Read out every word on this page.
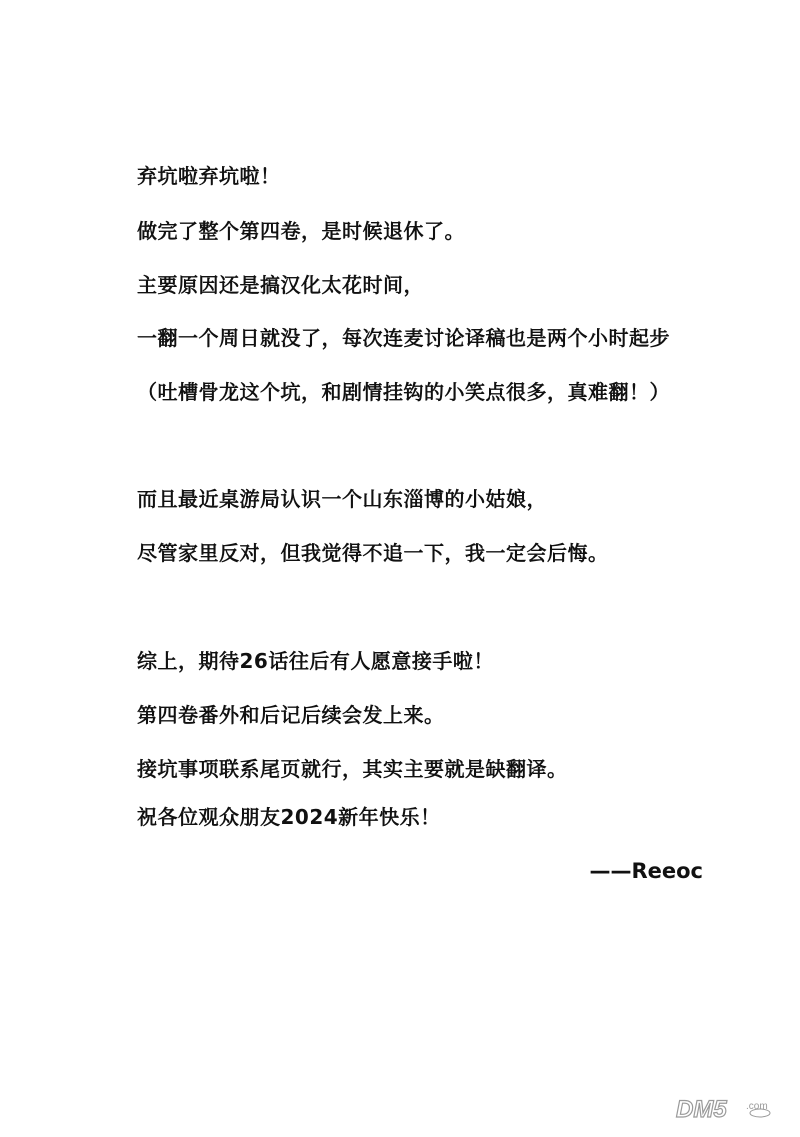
弃坑啦弃坑啦！
做完了整个第四卷，是时候退休了。
主要原因还是搞汉化太花时间，
一翻一个周日就没了，每次连麦讨论译稿也是两个小时起步
（吐槽骨龙这个坑，和剧情挂钩的小笑点很多，真难翻！）
而且最近桌游局认识一个山东淄博的小姑娘，
尽管家里反对，但我觉得不追一下，我一定会后悔。
综上，期待26话往后有人愿意接手啦！
第四卷番外和后记后续会发上来。
接坑事项联系尾页就行，其实主要就是缺翻译。
祝各位观众朋友2024新年快乐！
——Reeoc
DM5 .com
